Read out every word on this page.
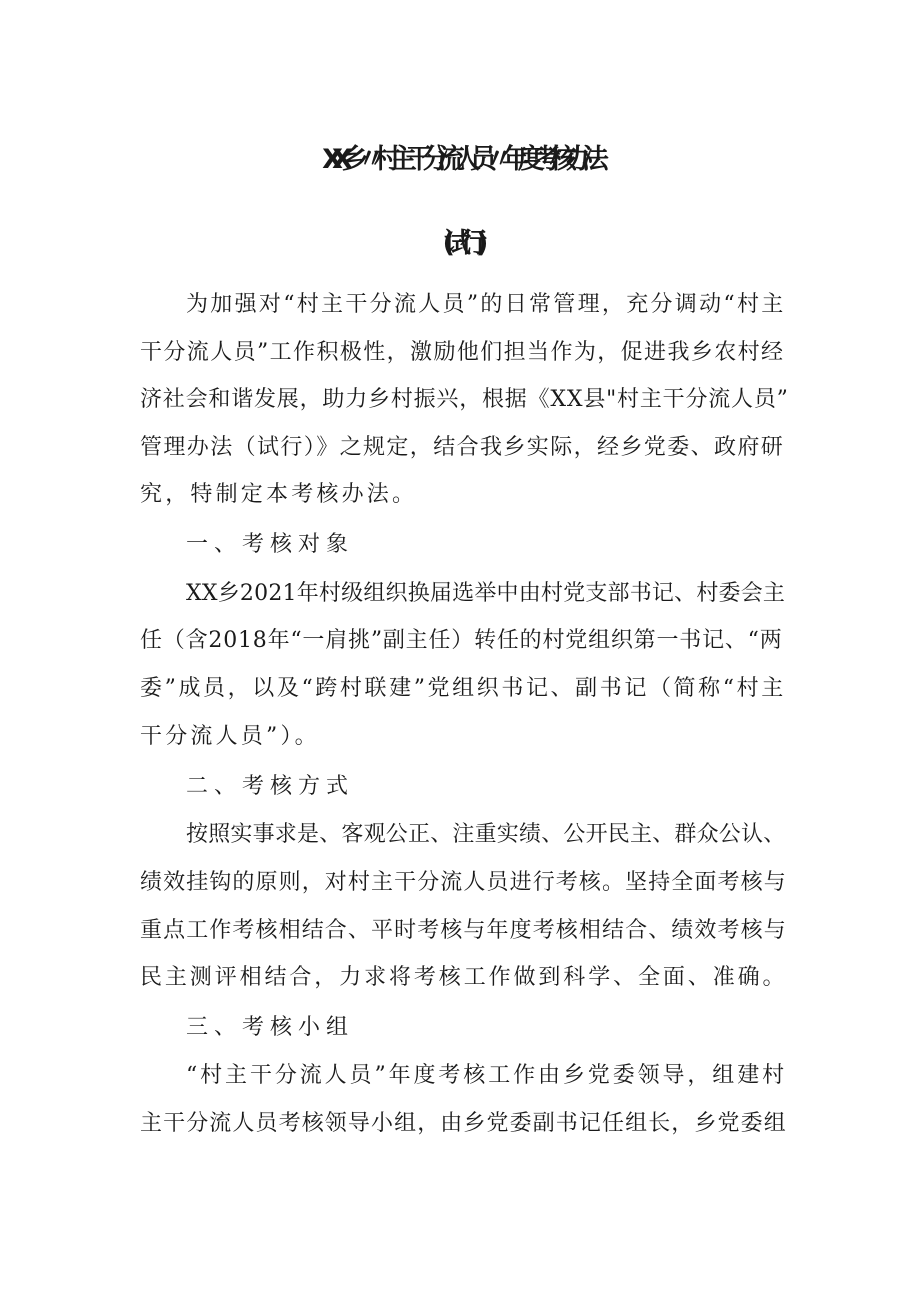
XX乡〃村主干分流人员〃年度考核办法
(试行)
为加强对“村主干分流人员”的日常管理，充分调动“村主
干分流人员”工作积极性，激励他们担当作为，促进我乡农村经
济社会和谐发展，助力乡村振兴，根据《XX县"村主干分流人员”
管理办法（试行）》之规定，结合我乡实际，经乡党委、政府研
究，特制定本考核办法。
一、考核对象
XX乡2021年村级组织换届选举中由村党支部书记、村委会主
任（含2018年“一肩挑”副主任）转任的村党组织第一书记、“两
委”成员，以及“跨村联建”党组织书记、副书记（简称“村主
干分流人员”）。
二、考核方式
按照实事求是、客观公正、注重实绩、公开民主、群众公认、
绩效挂钩的原则，对村主干分流人员进行考核。坚持全面考核与
重点工作考核相结合、平时考核与年度考核相结合、绩效考核与
民主测评相结合，力求将考核工作做到科学、全面、准确。
三、考核小组
“村主干分流人员”年度考核工作由乡党委领导，组建村
主干分流人员考核领导小组，由乡党委副书记任组长，乡党委组
